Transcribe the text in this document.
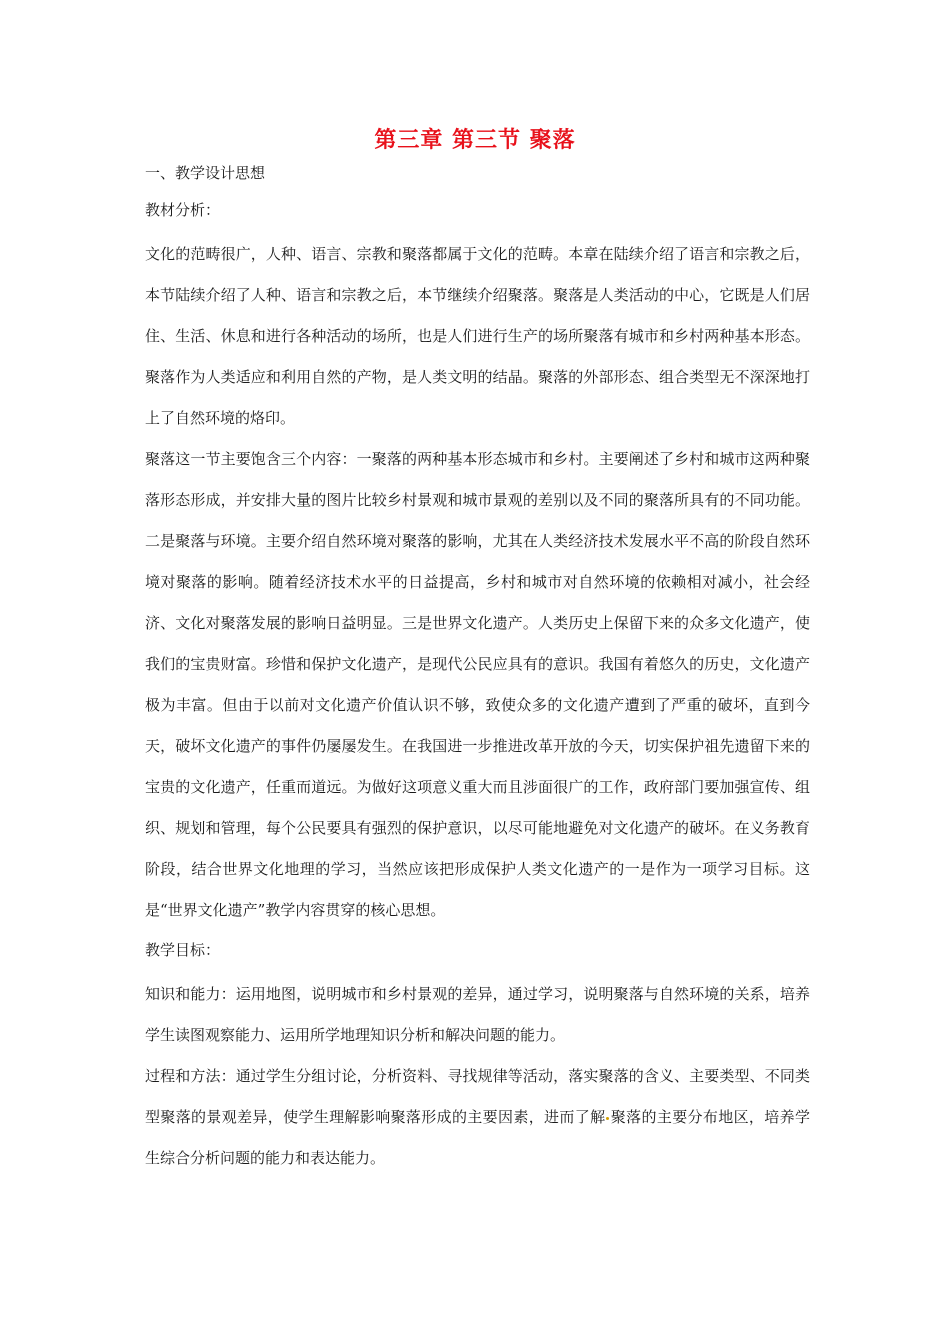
第三章 第三节 聚落

一、教学设计思想

教材分析：

文化的范畴很广，人种、语言、宗教和聚落都属于文化的范畴。本章在陆续介绍了语言和宗教之后，本节陆续介绍了人种、语言和宗教之后，本节继续介绍聚落。聚落是人类活动的中心，它既是人们居住、生活、休息和进行各种活动的场所，也是人们进行生产的场所聚落有城市和乡村两种基本形态。聚落作为人类适应和利用自然的产物，是人类文明的结晶。聚落的外部形态、组合类型无不深深地打上了自然环境的烙印。

聚落这一节主要饱含三个内容：一聚落的两种基本形态城市和乡村。主要阐述了乡村和城市这两种聚落形态形成，并安排大量的图片比较乡村景观和城市景观的差别以及不同的聚落所具有的不同功能。二是聚落与环境。主要介绍自然环境对聚落的影响，尤其在人类经济技术发展水平不高的阶段自然环境对聚落的影响。随着经济技术水平的日益提高，乡村和城市对自然环境的依赖相对减小，社会经济、文化对聚落发展的影响日益明显。三是世界文化遗产。人类历史上保留下来的众多文化遗产，使我们的宝贵财富。珍惜和保护文化遗产，是现代公民应具有的意识。我国有着悠久的历史，文化遗产极为丰富。但由于以前对文化遗产价值认识不够，致使众多的文化遗产遭到了严重的破坏，直到今天，破坏文化遗产的事件仍屡屡发生。在我国进一步推进改革开放的今天，切实保护祖先遗留下来的宝贵的文化遗产，任重而道远。为做好这项意义重大而且涉面很广的工作，政府部门要加强宣传、组织、规划和管理，每个公民要具有强烈的保护意识，以尽可能地避免对文化遗产的破坏。在义务教育阶段，结合世界文化地理的学习，当然应该把形成保护人类文化遗产的一是作为一项学习目标。这是“世界文化遗产”教学内容贯穿的核心思想。

教学目标：

知识和能力：运用地图，说明城市和乡村景观的差异，通过学习，说明聚落与自然环境的关系，培养学生读图观察能力、运用所学地理知识分析和解决问题的能力。

过程和方法：通过学生分组讨论，分析资料、寻找规律等活动，落实聚落的含义、主要类型、不同类型聚落的景观差异，使学生理解影响聚落形成的主要因素，进而了解 聚落的主要分布地区，培养学生综合分析问题的能力和表达能力。
